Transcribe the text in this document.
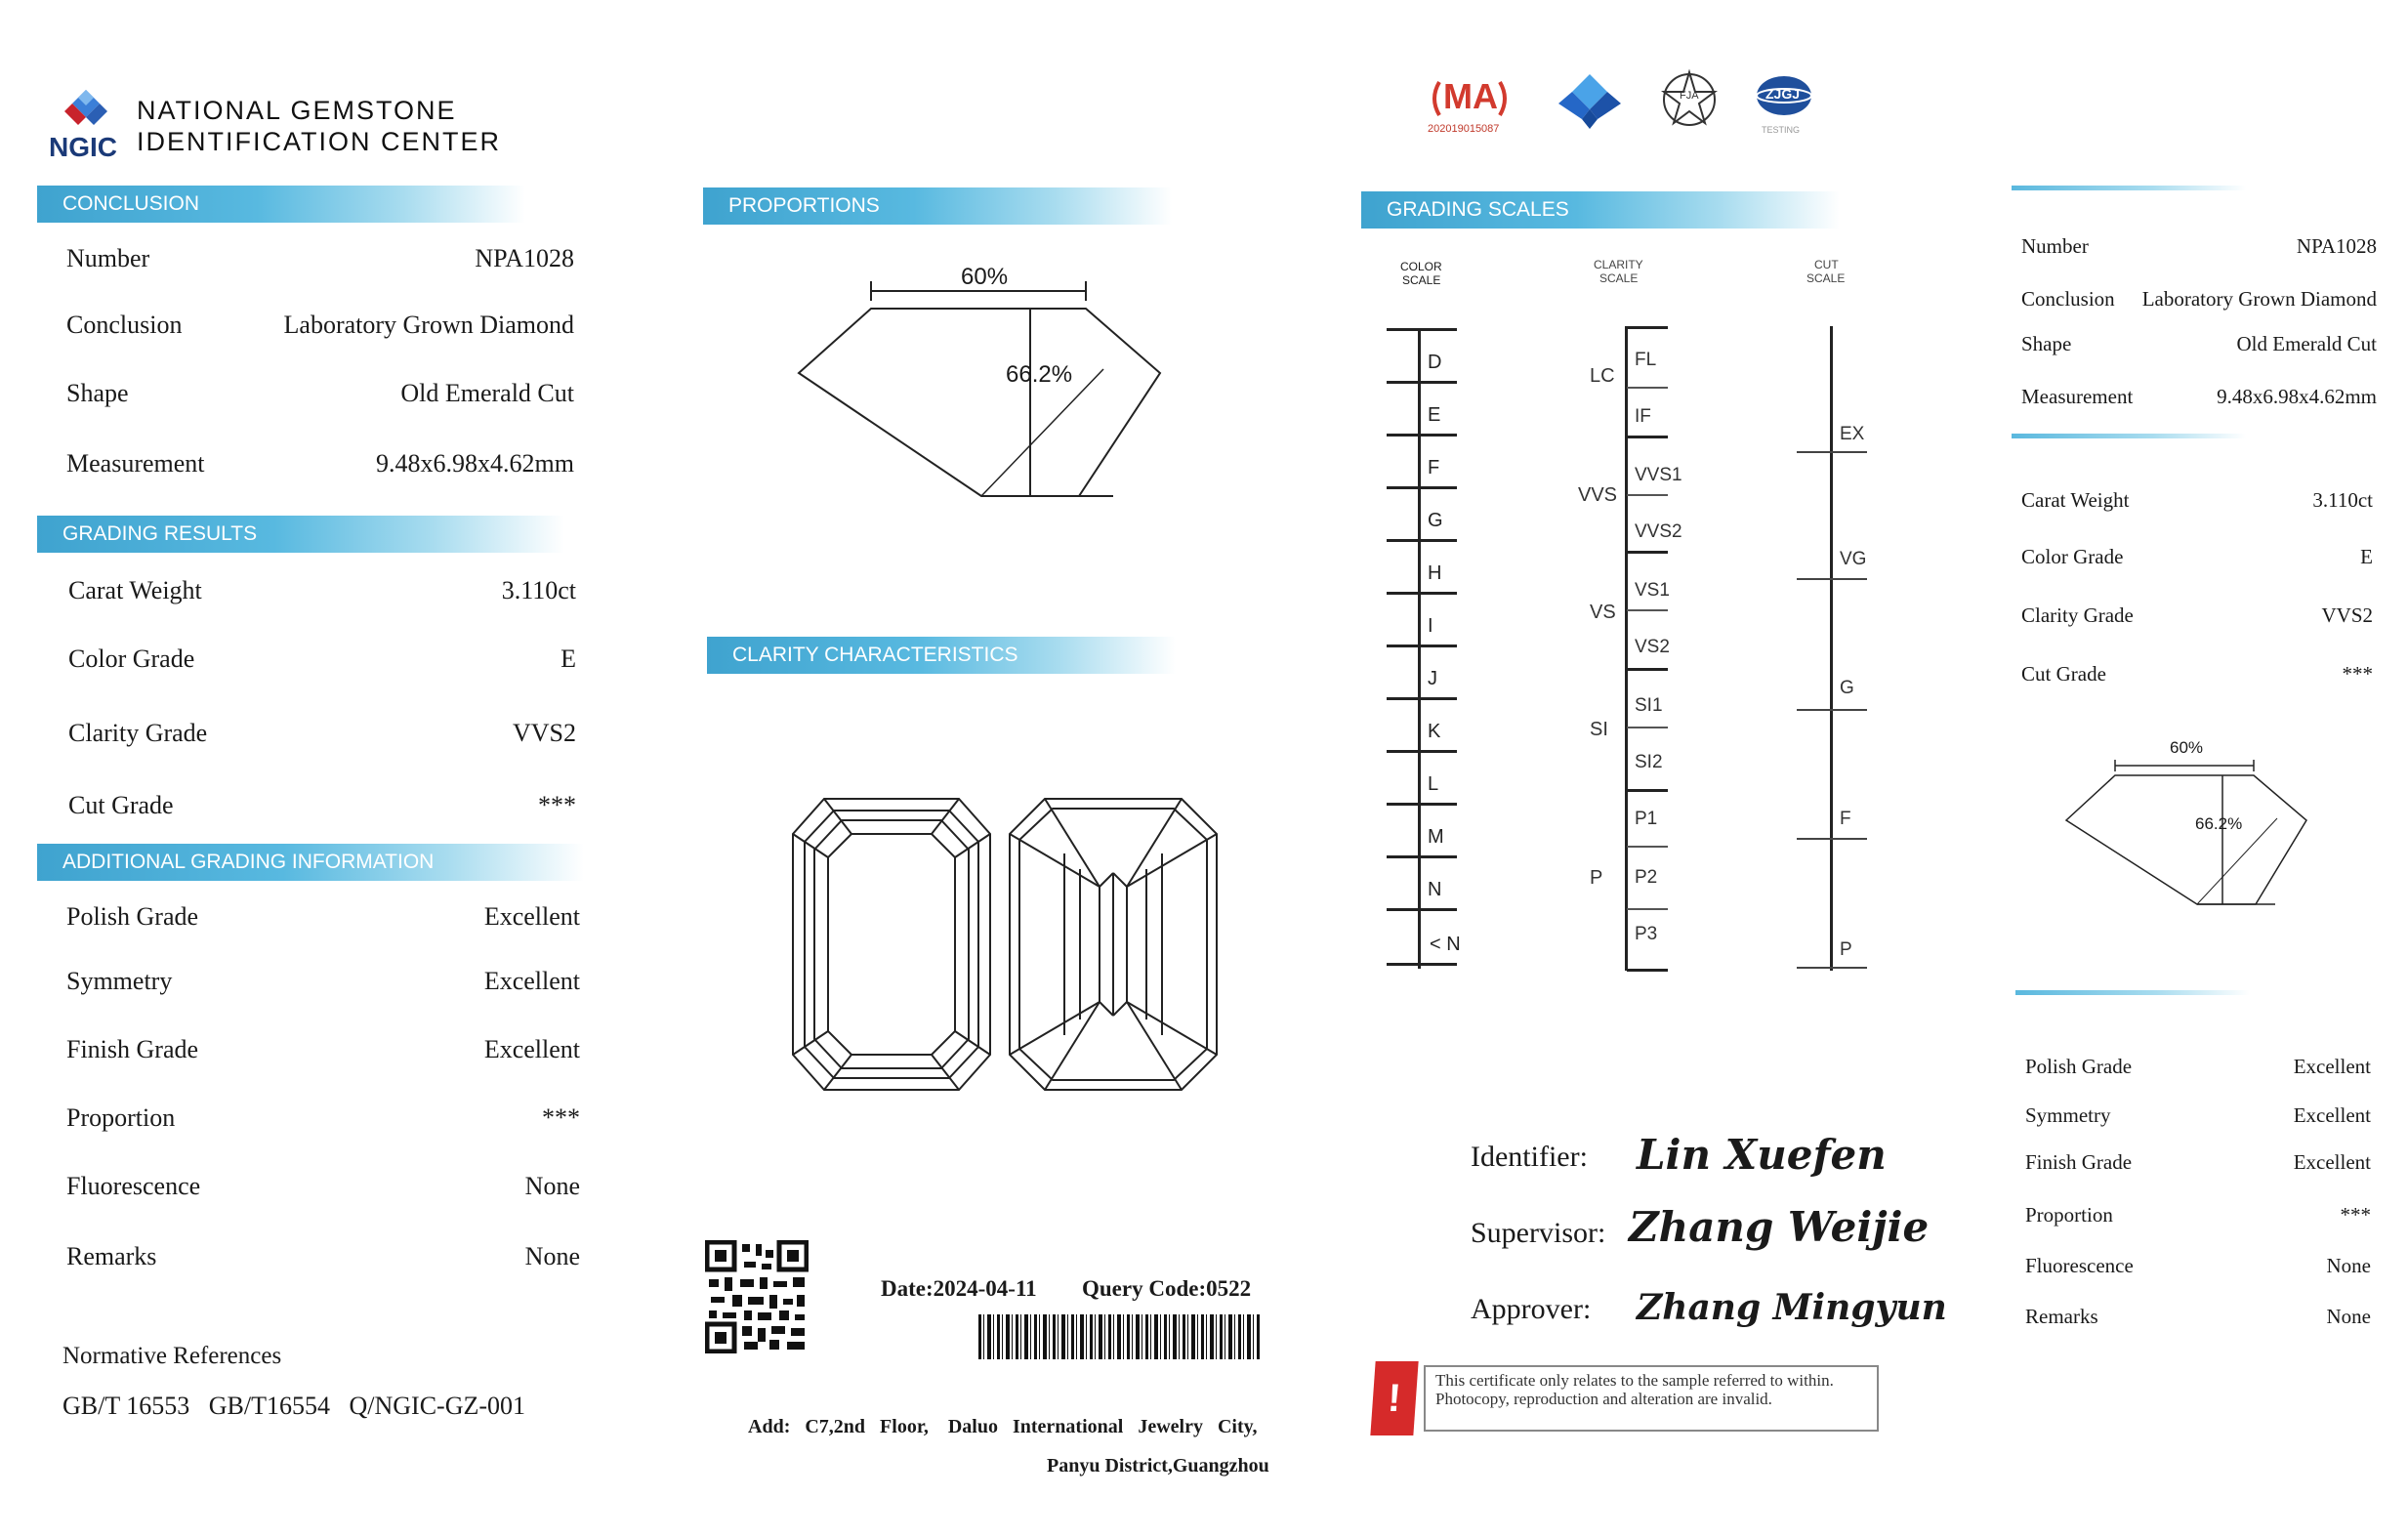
NGIC
NATIONAL GEMSTONE
IDENTIFICATION CENTER
CONCLUSION
Number	NPA1028
Conclusion	Laboratory Grown Diamond
Shape	Old Emerald Cut
Measurement	9.48x6.98x4.62mm
GRADING RESULTS
Carat Weight	3.110ct
Color Grade	E
Clarity Grade	VVS2
Cut Grade	***
ADDITIONAL GRADING INFORMATION
Polish Grade	Excellent
Symmetry	Excellent
Finish Grade	Excellent
Proportion	***
Fluorescence	None
Remarks	None
Normative References
GB/T 16553   GB/T16554   Q/NGIC-GZ-001
PROPORTIONS
60%
66.2%
CLARITY CHARACTERISTICS
Date:2024-04-11 Query Code:0522
Add:   C7,2nd   Floor,    Daluo   International   Jewelry   City,
Panyu District,Guangzhou
MA
2020190150​87
FJA	ZJGJ
TESTING
GRADING SCALES
COLOR
SCALE
CLARITY
SCALE
CUT
SCALE
D
E
F
G
H
I
J
K
L
M
N
< N
LC
VVS
VS
SI
P
FL
IF
VVS1
VVS2
VS1
VS2
SI1
SI2
P1
P2
P3
EX
VG
G
F
P
Identifier: Lin Xuefen
Supervisor: Zhang Weijie
Approver: Zhang Mingyun
!	This certificate only relates to the sample referred to within. Photocopy, reproduction and alteration are invalid.
Number	NPA1028
Conclusion Laboratory Grown Diamond
Shape	Old Emerald Cut
Measurement	9.48x6.98x4.62mm
Carat Weight	3.110ct
Color Grade	E
Clarity Grade	VVS2
Cut Grade	***
60%
66.2%
Polish Grade	Excellent
Symmetry	Excellent
Finish Grade	Excellent
Proportion	***
Fluorescence	None
Remarks	None
